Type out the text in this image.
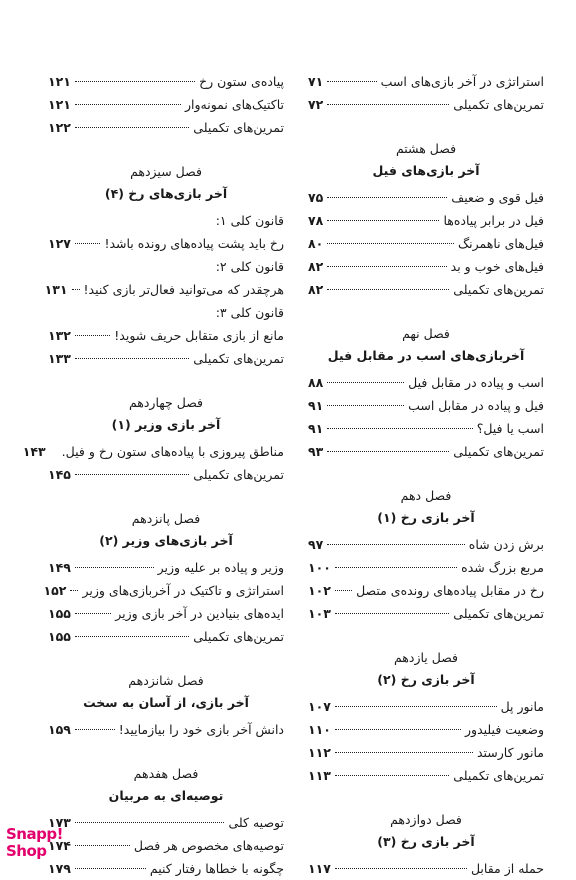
استراتژی در آخر بازی‌های اسب
۷۱
تمرین‌های تکمیلی
۷۲
فصل هشتم
آخر بازی‌های فیل
فیل قوی و ضعیف
۷۵
فیل در برابر پیاده‌ها
۷۸
فیل‌های ناهمرنگ
۸۰
فیل‌های خوب و بد
۸۲
تمرین‌های تکمیلی
۸۲
فصل نهم
آخربازی‌های اسب در مقابل فیل
اسب و پیاده در مقابل فیل
۸۸
فیل و پیاده در مقابل اسب
۹۱
اسب یا فیل؟
۹۱
تمرین‌های تکمیلی
۹۳
فصل دهم
آخر بازی رخ (۱)
برش زدن شاه
۹۷
مربع بزرگ شده
۱۰۰
رخ در مقابل پیاده‌های رونده‌ی متصل
۱۰۲
تمرین‌های تکمیلی
۱۰۳
فصل یازدهم
آخر بازی رخ (۲)
مانور پل
۱۰۷
وضعیت فیلیدور
۱۱۰
مانور کارستد
۱۱۲
تمرین‌های تکمیلی
۱۱۳
فصل دوازدهم
آخر بازی رخ (۳)
حمله از مقابل
۱۱۷
پیاده‌ی ستون رخ
۱۲۱
تاکتیک‌های نمونه‌وار
۱۲۱
تمرین‌های تکمیلی
۱۲۲
فصل سیزدهم
آخر بازی‌های رخ (۴)
قانون کلی ۱:
رخ باید پشت پیاده‌های رونده باشد!
۱۲۷
قانون کلی ۲:
هرچقدر که می‌توانید فعال‌تر بازی کنید!
۱۳۱
قانون کلی ۳:
مانع از بازی متقابل حریف شوید!
۱۳۲
تمرین‌های تکمیلی
۱۳۳
فصل چهاردهم
آخر بازی وزیر (۱)
مناطق پیروزی با پیاده‌های ستون رخ و فیل.
۱۴۳
تمرین‌های تکمیلی
۱۴۵
فصل پانزدهم
آخر بازی‌های وزیر (۲)
وزیر و پیاده بر علیه وزیر
۱۴۹
استراتژی و تاکتیک در آخربازی‌های وزیر
۱۵۲
ایده‌های بنیادین در آخر بازی وزیر
۱۵۵
تمرین‌های تکمیلی
۱۵۵
فصل شانزدهم
آخر بازی، از آسان به سخت
دانش آخر بازی خود را بیازمایید!
۱۵۹
فصل هفدهم
توصیه‌ای به مربیان
توصیه کلی
۱۷۳
توصیه‌های مخصوص هر فصل
۱۷۴
چگونه با خطاها رفتار کنیم
۱۷۹
Snapp!
Shop
